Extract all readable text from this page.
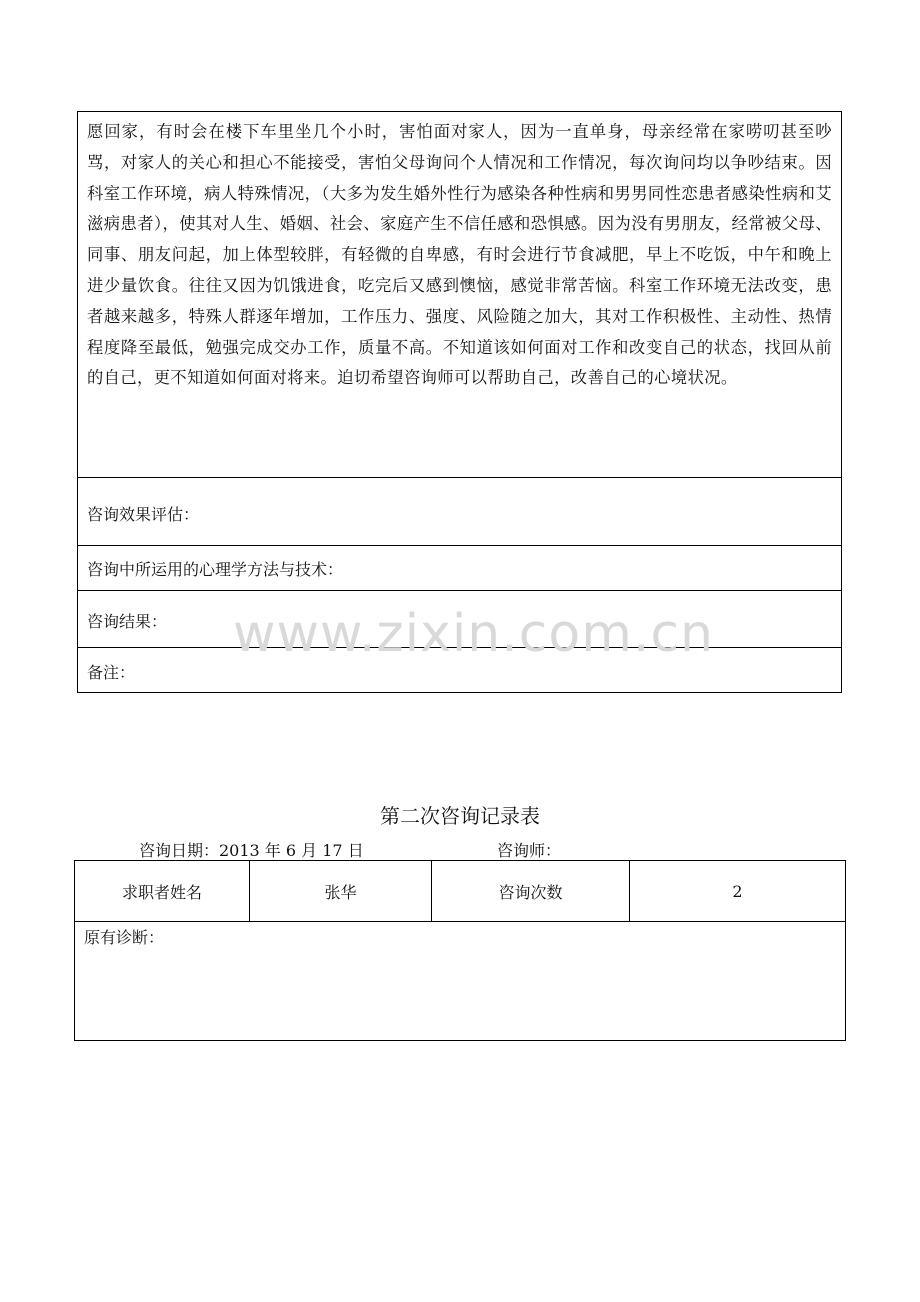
愿回家，有时会在楼下车里坐几个小时，害怕面对家人，因为一直单身，母亲经常在家唠叨甚至吵骂，对家人的关心和担心不能接受，害怕父母询问个人情况和工作情况，每次询问均以争吵结束。因科室工作环境，病人特殊情况，（大多为发生婚外性行为感染各种性病和男男同性恋患者感染性病和艾滋病患者），使其对人生、婚姻、社会、家庭产生不信任感和恐惧感。因为没有男朋友，经常被父母、同事、朋友问起，加上体型较胖，有轻微的自卑感，有时会进行节食减肥，早上不吃饭，中午和晚上进少量饮食。往往又因为饥饿进食，吃完后又感到懊恼，感觉非常苦恼。科室工作环境无法改变，患者越来越多，特殊人群逐年增加，工作压力、强度、风险随之加大，其对工作积极性、主动性、热情程度降至最低，勉强完成交办工作，质量不高。不知道该如何面对工作和改变自己的状态，找回从前的自己，更不知道如何面对将来。迫切希望咨询师可以帮助自己，改善自己的心境状况。
咨询效果评估：
咨询中所运用的心理学方法与技术：
咨询结果：
备注：
www.zixin.com.cn
第二次咨询记录表
咨询日期：2013 年 6 月 17 日	咨询师：
求职者姓名	张华	咨询次数	2
原有诊断：
